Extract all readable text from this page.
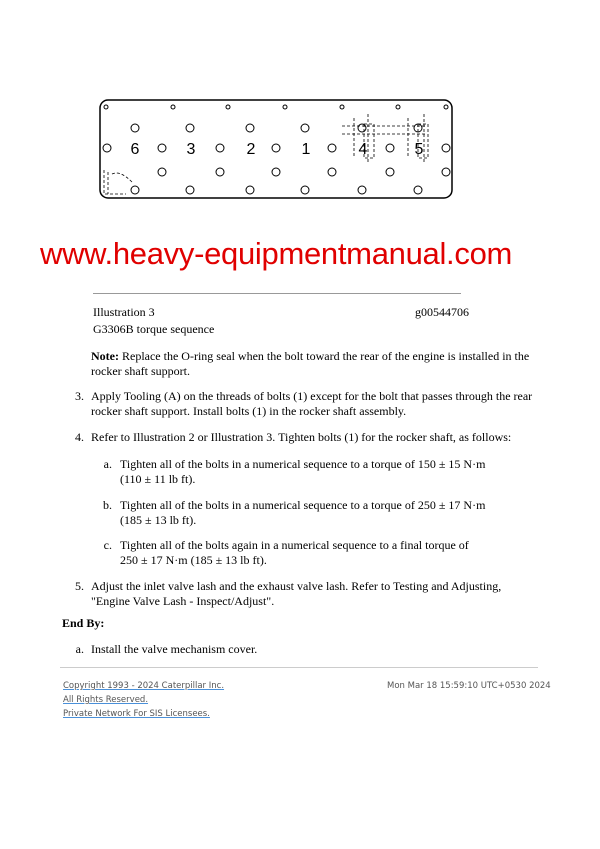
6	3	2	1	4	5
www.heavy-equipmentmanual.com
Illustration 3	g00544706
G3306B torque sequence
Note: Replace the O-ring seal when the bolt toward the rear of the engine is installed in the rocker shaft support.
3. Apply Tooling (A) on the threads of bolts (1) except for the bolt that passes through the rear
rocker shaft support. Install bolts (1) in the rocker shaft assembly.
4. Refer to Illustration 2 or Illustration 3. Tighten bolts (1) for the rocker shaft, as follows:
a. Tighten all of the bolts in a numerical sequence to a torque of 150 ± 15 N·m
(110 ± 11 lb ft).
b. Tighten all of the bolts in a numerical sequence to a torque of 250 ± 17 N·m
(185 ± 13 lb ft).
c. Tighten all of the bolts again in a numerical sequence to a final torque of
250 ± 17 N·m (185 ± 13 lb ft).
5. Adjust the inlet valve lash and the exhaust valve lash. Refer to Testing and Adjusting,
"Engine Valve Lash - Inspect/Adjust".
End By:
a. Install the valve mechanism cover.
Copyright 1993 - 2024 Caterpillar Inc.
All Rights Reserved.
Private Network For SIS Licensees.
Mon Mar 18 15:59:10 UTC+0530 2024
